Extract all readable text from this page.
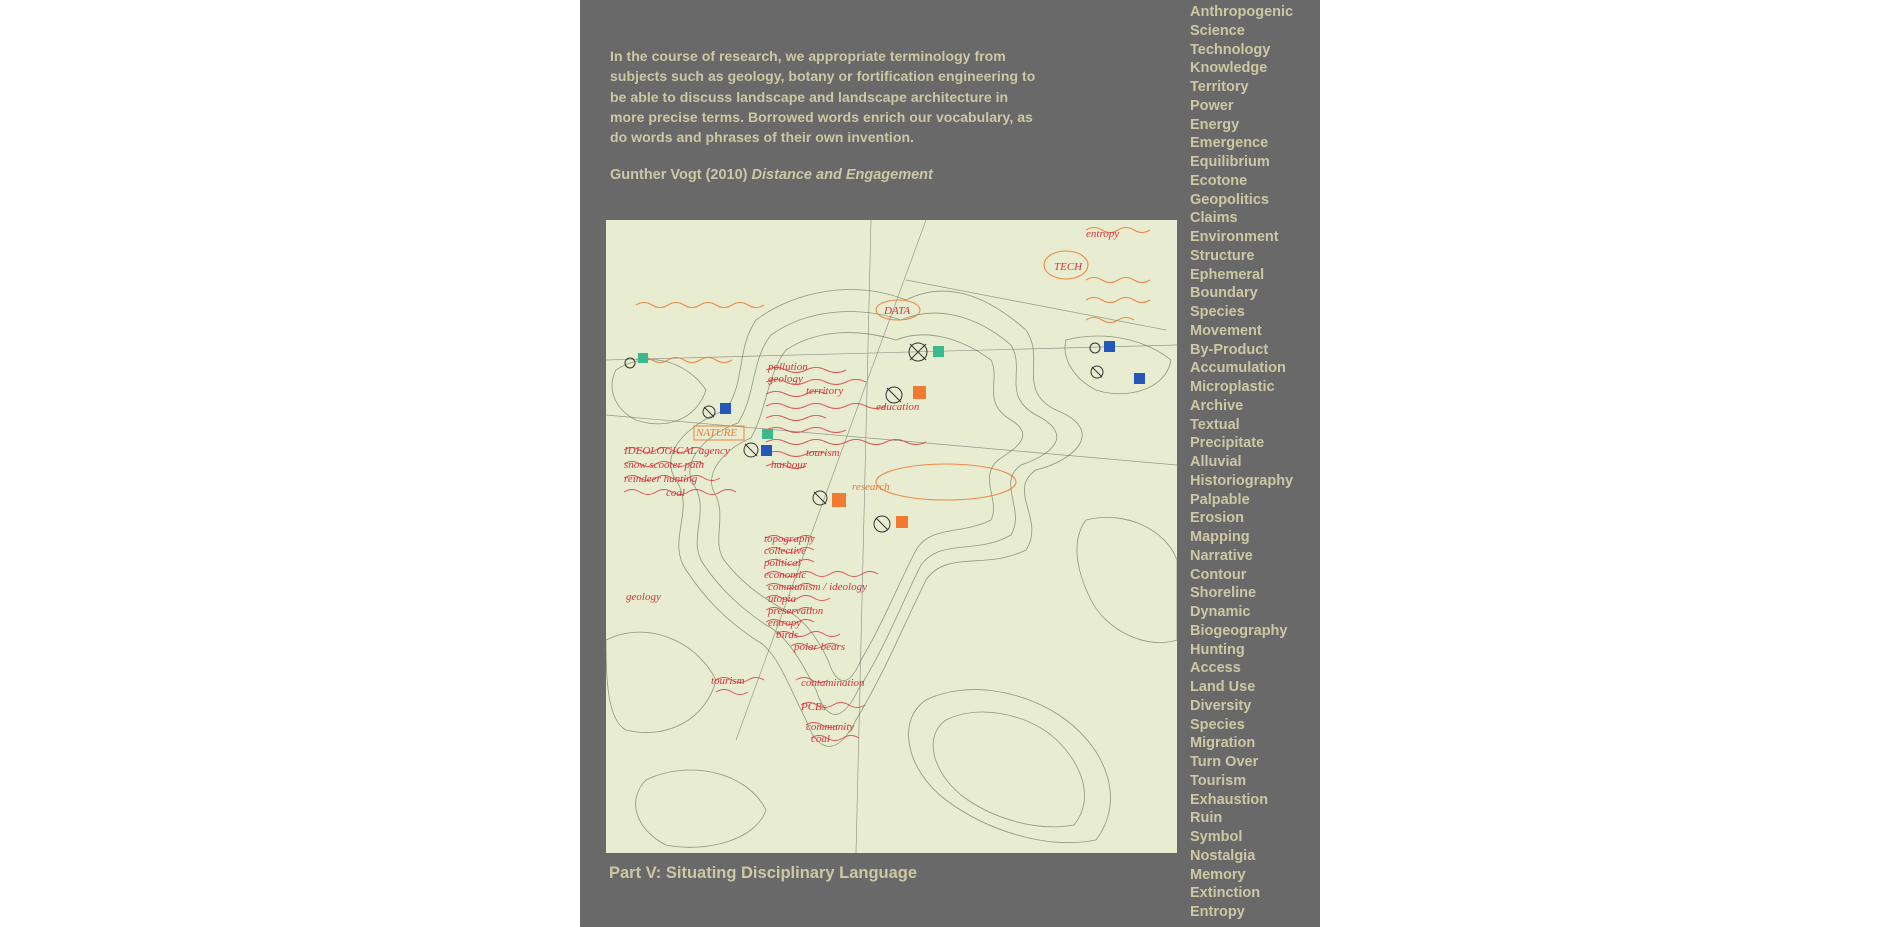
In the course of research, we appropriate terminology from subjects such as geology, botany or fortification engineering to be able to discuss landscape and landscape architecture in more precise terms. Borrowed words enrich our vocabulary, as do words and phrases of their own invention.

Gunther Vogt (2010) Distance and Engagement
entropy
TECH
DATA
pollution
geology
territory
NATURE
education
harbour
tourism
research
IDEOLOGICAL agency
snow scooter path
reindeer hunting
coal
topography
collective
political
economic
communism / ideology
utopia
preservation
entropy
birds
polar bears
tourism	contamination
PCBs
community
coal
geology
Part V: Situating Disciplinary Language
Anthropogenic
Science
Technology
Knowledge
Territory
Power
Energy
Emergence
Equilibrium
Ecotone
Geopolitics
Claims
Environment
Structure
Ephemeral
Boundary
Species
Movement
By-Product
Accumulation
Microplastic
Archive
Textual
Precipitate
Alluvial
Historiography
Palpable
Erosion
Mapping
Narrative
Contour
Shoreline
Dynamic
Biogeography
Hunting
Access
Land Use
Diversity
Species
Migration
Turn Over
Tourism
Exhaustion
Ruin
Symbol
Nostalgia
Memory
Extinction
Entropy
